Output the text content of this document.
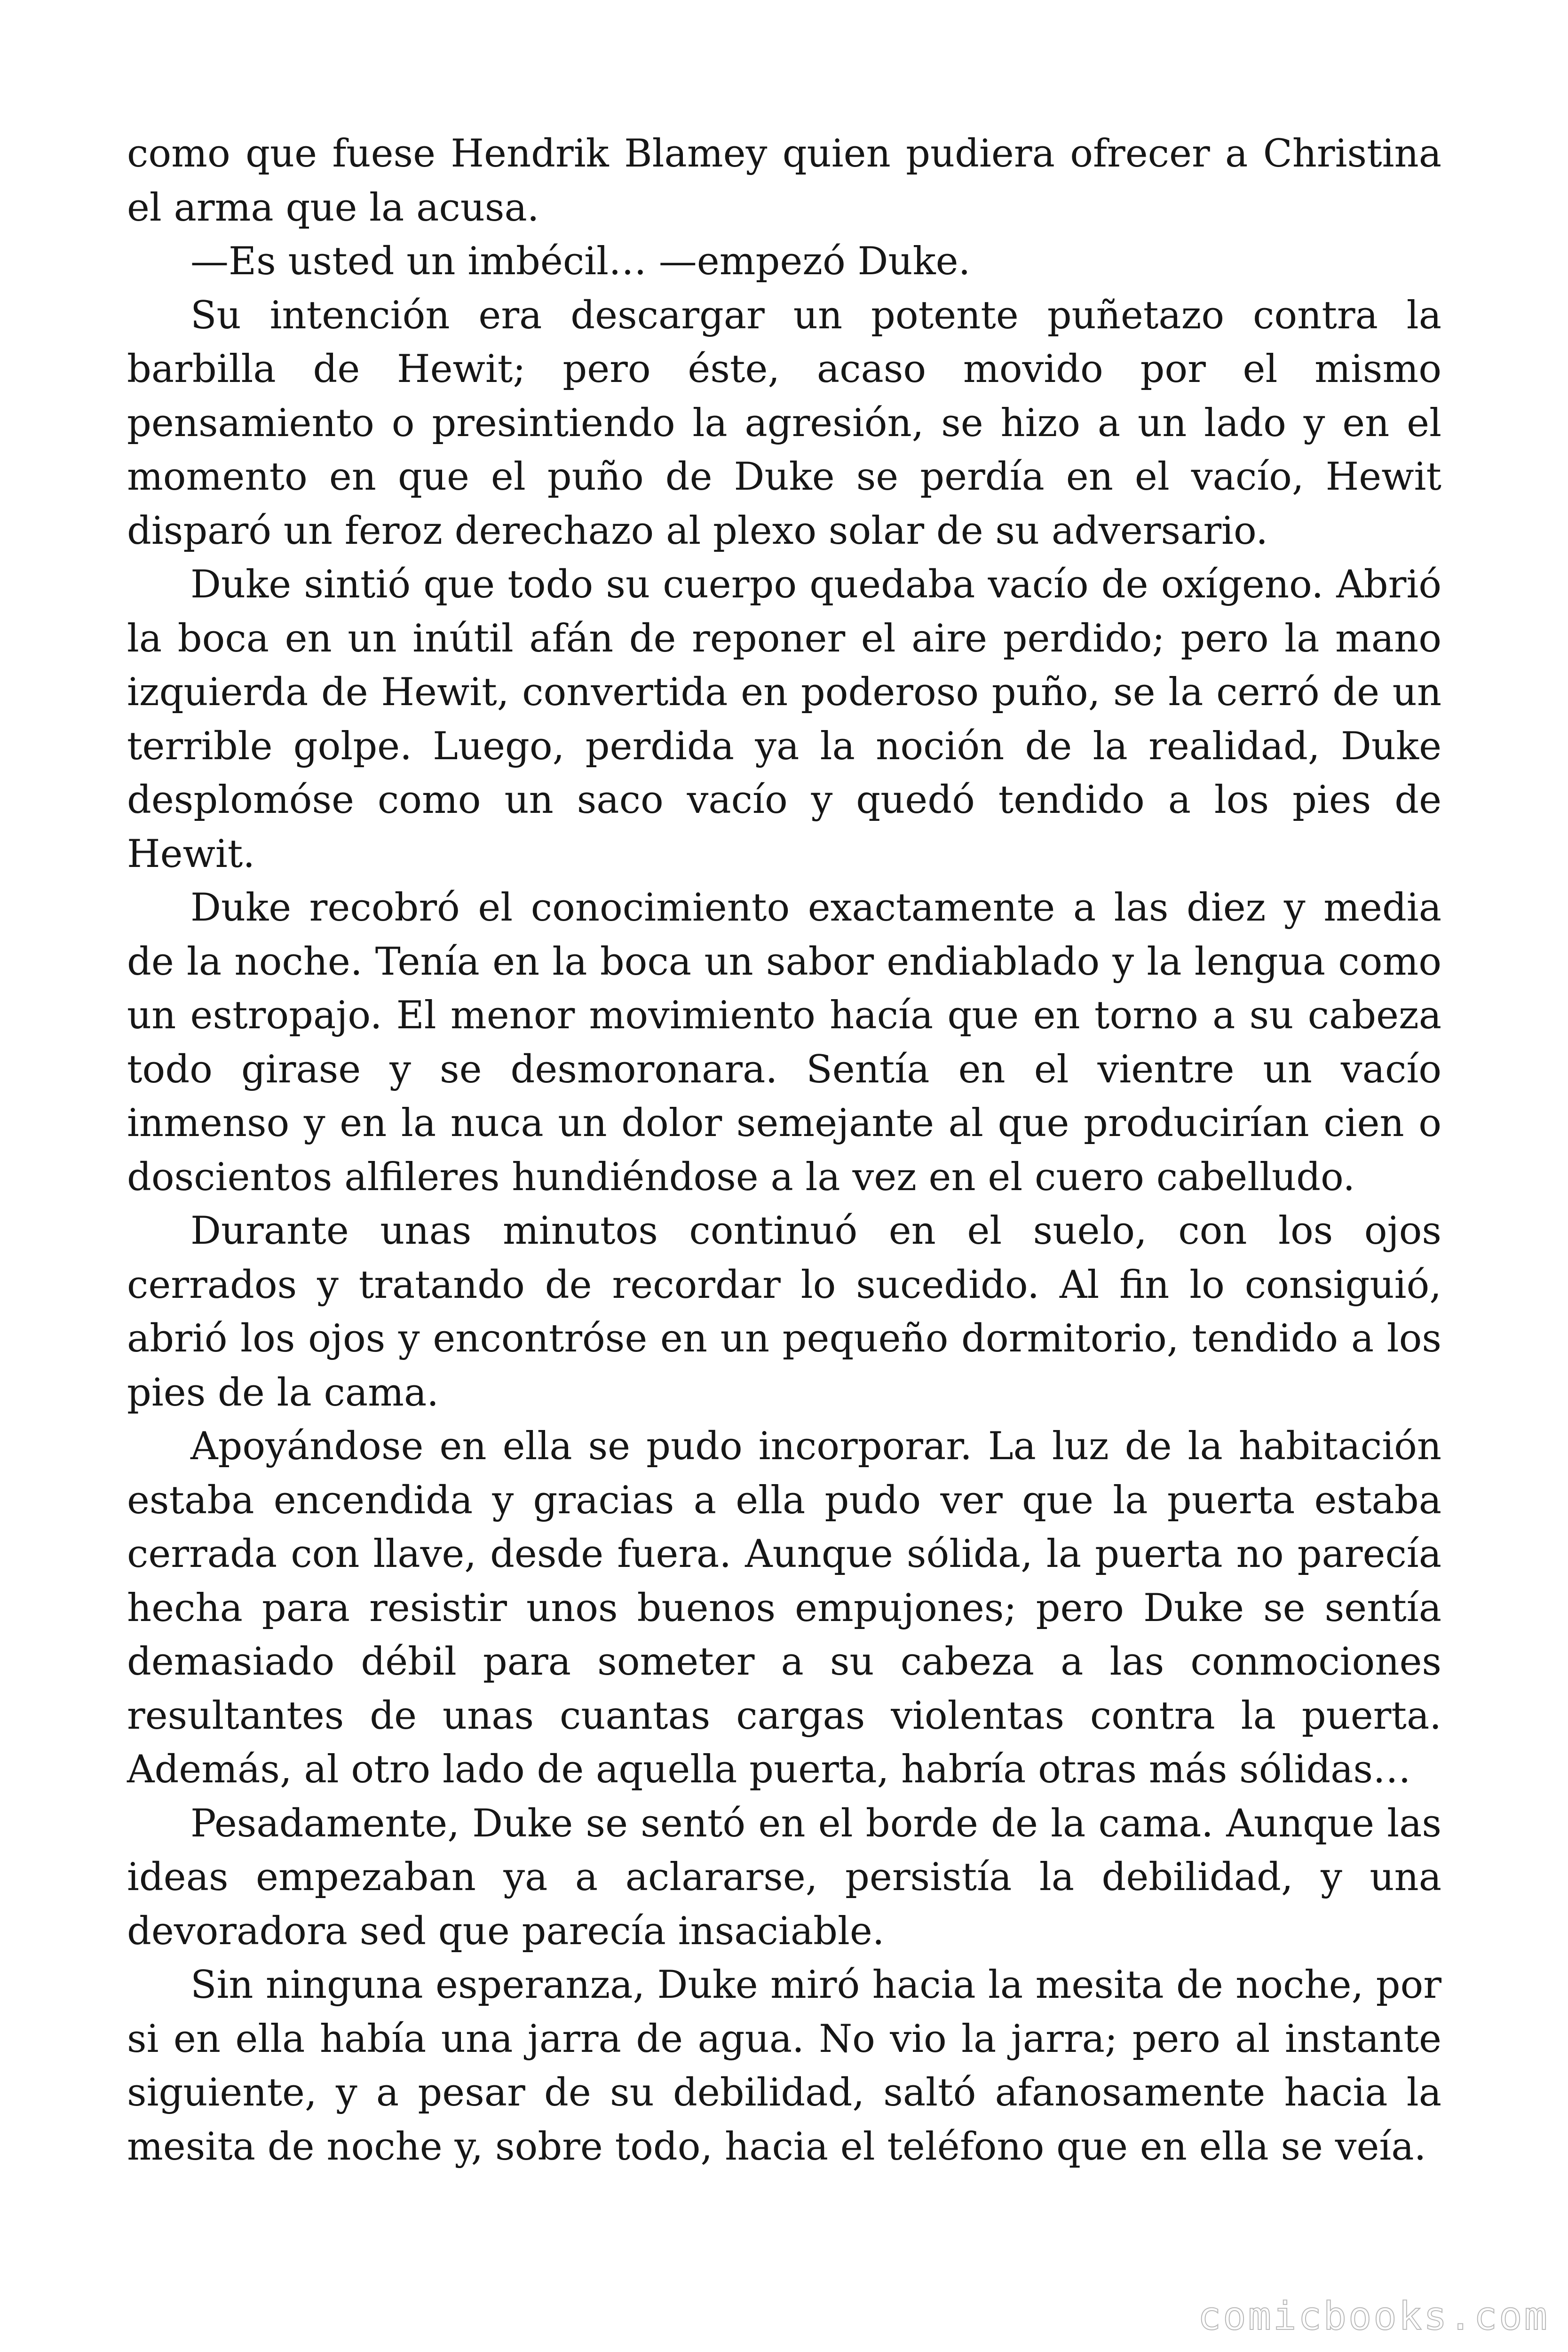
como que fuese Hendrik Blamey quien pudiera ofrecer a Christina el arma que la acusa.

—Es usted un imbécil… —empezó Duke.

Su intención era descargar un potente puñetazo contra la barbilla de Hewit; pero éste, acaso movido por el mismo pensamiento o presintiendo la agresión, se hizo a un lado y en el momento en que el puño de Duke se perdía en el vacío, Hewit disparó un feroz derechazo al plexo solar de su adversario.

Duke sintió que todo su cuerpo quedaba vacío de oxígeno. Abrió la boca en un inútil afán de reponer el aire perdido; pero la mano izquierda de Hewit, convertida en poderoso puño, se la cerró de un terrible golpe. Luego, perdida ya la noción de la realidad, Duke desplomóse como un saco vacío y quedó tendido a los pies de Hewit.

Duke recobró el conocimiento exactamente a las diez y media de la noche. Tenía en la boca un sabor endiablado y la lengua como un estropajo. El menor movimiento hacía que en torno a su cabeza todo girase y se desmoronara. Sentía en el vientre un vacío inmenso y en la nuca un dolor semejante al que producirían cien o doscientos alfileres hundiéndose a la vez en el cuero cabelludo.

Durante unas minutos continuó en el suelo, con los ojos cerrados y tratando de recordar lo sucedido. Al fin lo consiguió, abrió los ojos y encontróse en un pequeño dormitorio, tendido a los pies de la cama.

Apoyándose en ella se pudo incorporar. La luz de la habitación estaba encendida y gracias a ella pudo ver que la puerta estaba cerrada con llave, desde fuera. Aunque sólida, la puerta no parecía hecha para resistir unos buenos empujones; pero Duke se sentía demasiado débil para someter a su cabeza a las conmociones resultantes de unas cuantas cargas violentas contra la puerta. Además, al otro lado de aquella puerta, habría otras más sólidas…

Pesadamente, Duke se sentó en el borde de la cama. Aunque las ideas empezaban ya a aclararse, persistía la debilidad, y una devoradora sed que parecía insaciable.

Sin ninguna esperanza, Duke miró hacia la mesita de noche, por si en ella había una jarra de agua. No vio la jarra; pero al instante siguiente, y a pesar de su debilidad, saltó afanosamente hacia la mesita de noche y, sobre todo, hacia el teléfono que en ella se veía.

comicbooks.com
